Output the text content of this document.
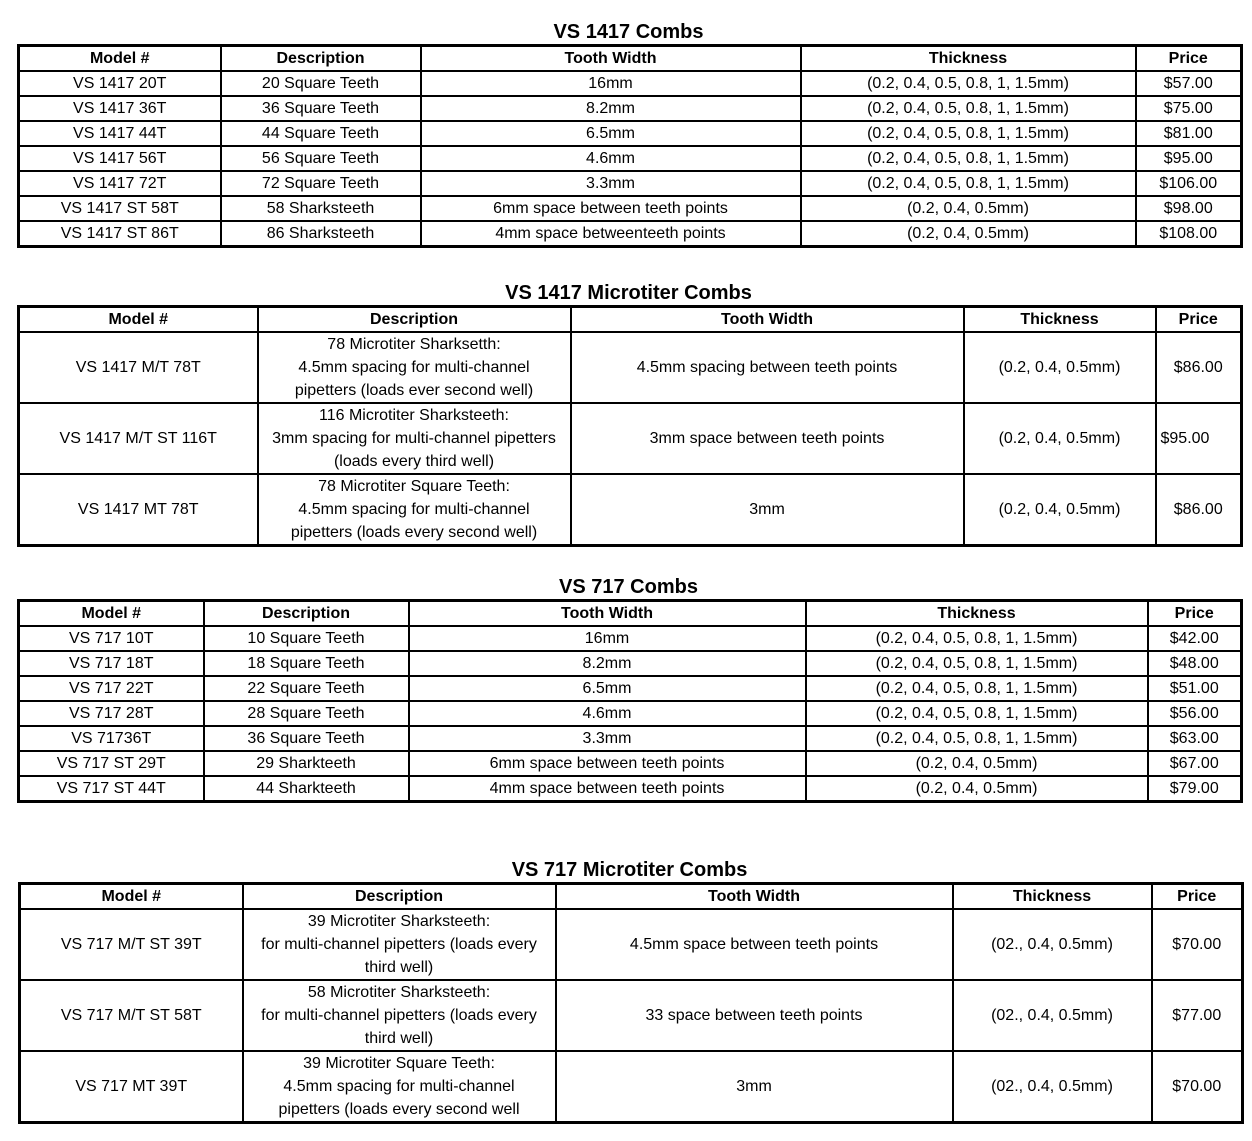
VS 1417 Combs
Model #	Description	Tooth Width	Thickness	Price
VS 1417 20T	20 Square Teeth	16mm	(0.2, 0.4, 0.5, 0.8, 1, 1.5mm)	$57.00
VS 1417 36T	36 Square Teeth	8.2mm	(0.2, 0.4, 0.5, 0.8, 1, 1.5mm)	$75.00
VS 1417 44T	44 Square Teeth	6.5mm	(0.2, 0.4, 0.5, 0.8, 1, 1.5mm)	$81.00
VS 1417 56T	56 Square Teeth	4.6mm	(0.2, 0.4, 0.5, 0.8, 1, 1.5mm)	$95.00
VS 1417 72T	72 Square Teeth	3.3mm	(0.2, 0.4, 0.5, 0.8, 1, 1.5mm)	$106.00
VS 1417 ST 58T	58 Sharksteeth	6mm space between teeth points	(0.2, 0.4, 0.5mm)	$98.00
VS 1417 ST 86T	86 Sharksteeth	4mm space betweenteeth points	(0.2, 0.4, 0.5mm)	$108.00
VS 1417 Microtiter Combs
Model #	Description	Tooth Width	Thickness	Price
VS 1417 M/T 78T	78 Microtiter Sharksetth:
4.5mm spacing for multi-channel
pipetters (loads ever second well)	4.5mm spacing between teeth points	(0.2, 0.4, 0.5mm)	$86.00
VS 1417 M/T ST 116T	116 Microtiter Sharksteeth:
3mm spacing for multi-channel pipetters
(loads every third well)	3mm space between teeth points	(0.2, 0.4, 0.5mm)	$95.00
VS 1417 MT 78T	78 Microtiter Square Teeth:
4.5mm spacing for multi-channel
pipetters (loads every second well)	3mm	(0.2, 0.4, 0.5mm)	$86.00
VS 717 Combs
Model #	Description	Tooth Width	Thickness	Price
VS 717 10T	10 Square Teeth	16mm	(0.2, 0.4, 0.5, 0.8, 1, 1.5mm)	$42.00
VS 717 18T	18 Square Teeth	8.2mm	(0.2, 0.4, 0.5, 0.8, 1, 1.5mm)	$48.00
VS 717 22T	22 Square Teeth	6.5mm	(0.2, 0.4, 0.5, 0.8, 1, 1.5mm)	$51.00
VS 717 28T	28 Square Teeth	4.6mm	(0.2, 0.4, 0.5, 0.8, 1, 1.5mm)	$56.00
VS 71736T	36 Square Teeth	3.3mm	(0.2, 0.4, 0.5, 0.8, 1, 1.5mm)	$63.00
VS 717 ST 29T	29 Sharkteeth	6mm space between teeth points	(0.2, 0.4, 0.5mm)	$67.00
VS 717 ST 44T	44 Sharkteeth	4mm space between teeth points	(0.2, 0.4, 0.5mm)	$79.00
VS 717 Microtiter Combs
Model #	Description	Tooth Width	Thickness	Price
VS 717 M/T ST 39T	39 Microtiter Sharksteeth:
for multi-channel pipetters (loads every
third well)	4.5mm space between teeth points	(02., 0.4, 0.5mm)	$70.00
VS 717 M/T ST 58T	58 Microtiter Sharksteeth:
for multi-channel pipetters (loads every
third well)	33 space between teeth points	(02., 0.4, 0.5mm)	$77.00
VS 717 MT 39T	39 Microtiter Square Teeth:
4.5mm spacing for multi-channel
pipetters (loads every second well	3mm	(02., 0.4, 0.5mm)	$70.00
